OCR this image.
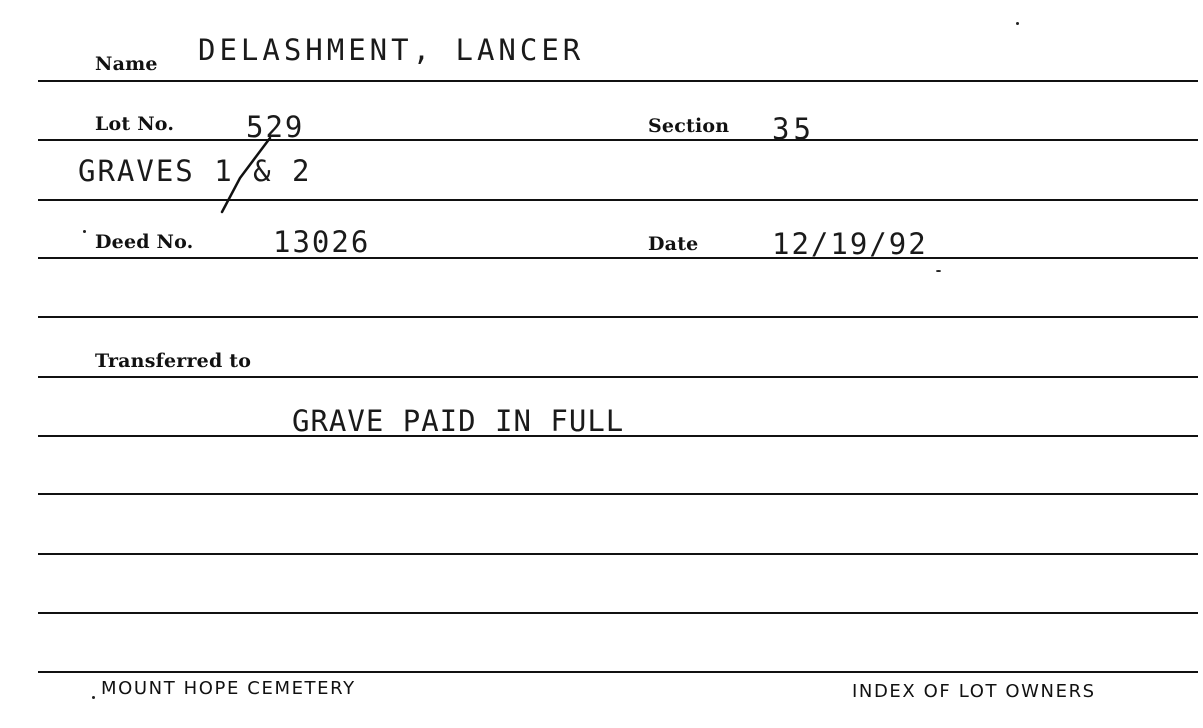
Name DELASHMENT, LANCER
Lot No. 529	Section 35
GRAVES 1 & 2
Deed No.	13026	Date	12/19/92
Transferred to
GRAVE PAID IN FULL
MOUNT HOPE CEMETERY	INDEX OF LOT OWNERS
